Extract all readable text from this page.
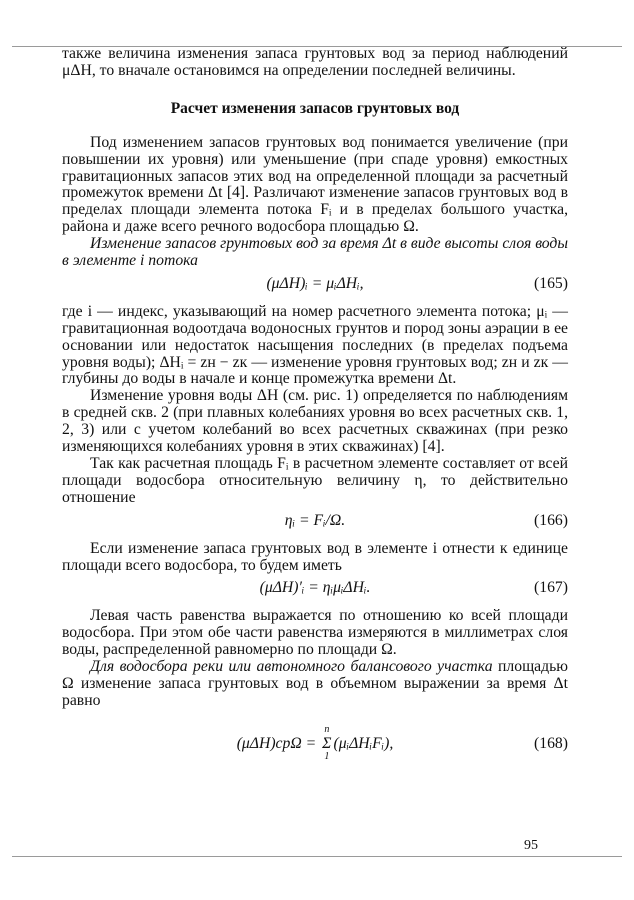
также величина изменения запаса грунтовых вод за период наблюдений μΔH, то вначале остановимся на определении последней величины.

Расчет изменения запасов грунтовых вод

Под изменением запасов грунтовых вод понимается увеличение (при повышении их уровня) или уменьшение (при спаде уровня) емкостных гравитационных запасов этих вод на определенной площади за расчетный промежуток времени Δt [4]. Различают изменение запасов грунтовых вод в пределах площади элемента потока Fᵢ и в пределах большого участка, района и даже всего речного водосбора площадью Ω.

Изменение запасов грунтовых вод за время Δt в виде высоты слоя воды в элементе i потока

(μΔH)ᵢ = μᵢΔHᵢ,	(165)

где i — индекс, указывающий на номер расчетного элемента потока; μᵢ — гравитационная водоотдача водоносных грунтов и пород зоны аэрации в ее основании или недостаток насыщения последних (в пределах подъема уровня воды); ΔHᵢ = zн − zк — изменение уровня грунтовых вод; zн и zк — глубины до воды в начале и конце промежутка времени Δt.

Изменение уровня воды ΔH (см. рис. 1) определяется по наблюдениям в средней скв. 2 (при плавных колебаниях уровня во всех расчетных скв. 1, 2, 3) или с учетом колебаний во всех расчетных скважинах (при резко изменяющихся колебаниях уровня в этих скважинах) [4].

Так как расчетная площадь Fᵢ в расчетном элементе составляет от всей площади водосбора относительную величину η, то действительно отношение

ηᵢ = Fᵢ/Ω.	(166)

Если изменение запаса грунтовых вод в элементе i отнести к единице площади всего водосбора, то будем иметь

(μΔH)′ᵢ = ηᵢμᵢΔHᵢ.	(167)

Левая часть равенства выражается по отношению ко всей площади водосбора. При этом обе части равенства измеряются в миллиметрах слоя воды, распределенной равномерно по площади Ω.

Для водосбора реки или автономного балансового участка площадью Ω изменение запаса грунтовых вод в объемном выражении за время Δt равно

(μΔH)срΩ =
n
Σ
1
(μᵢΔHᵢFᵢ),	(168)
95
